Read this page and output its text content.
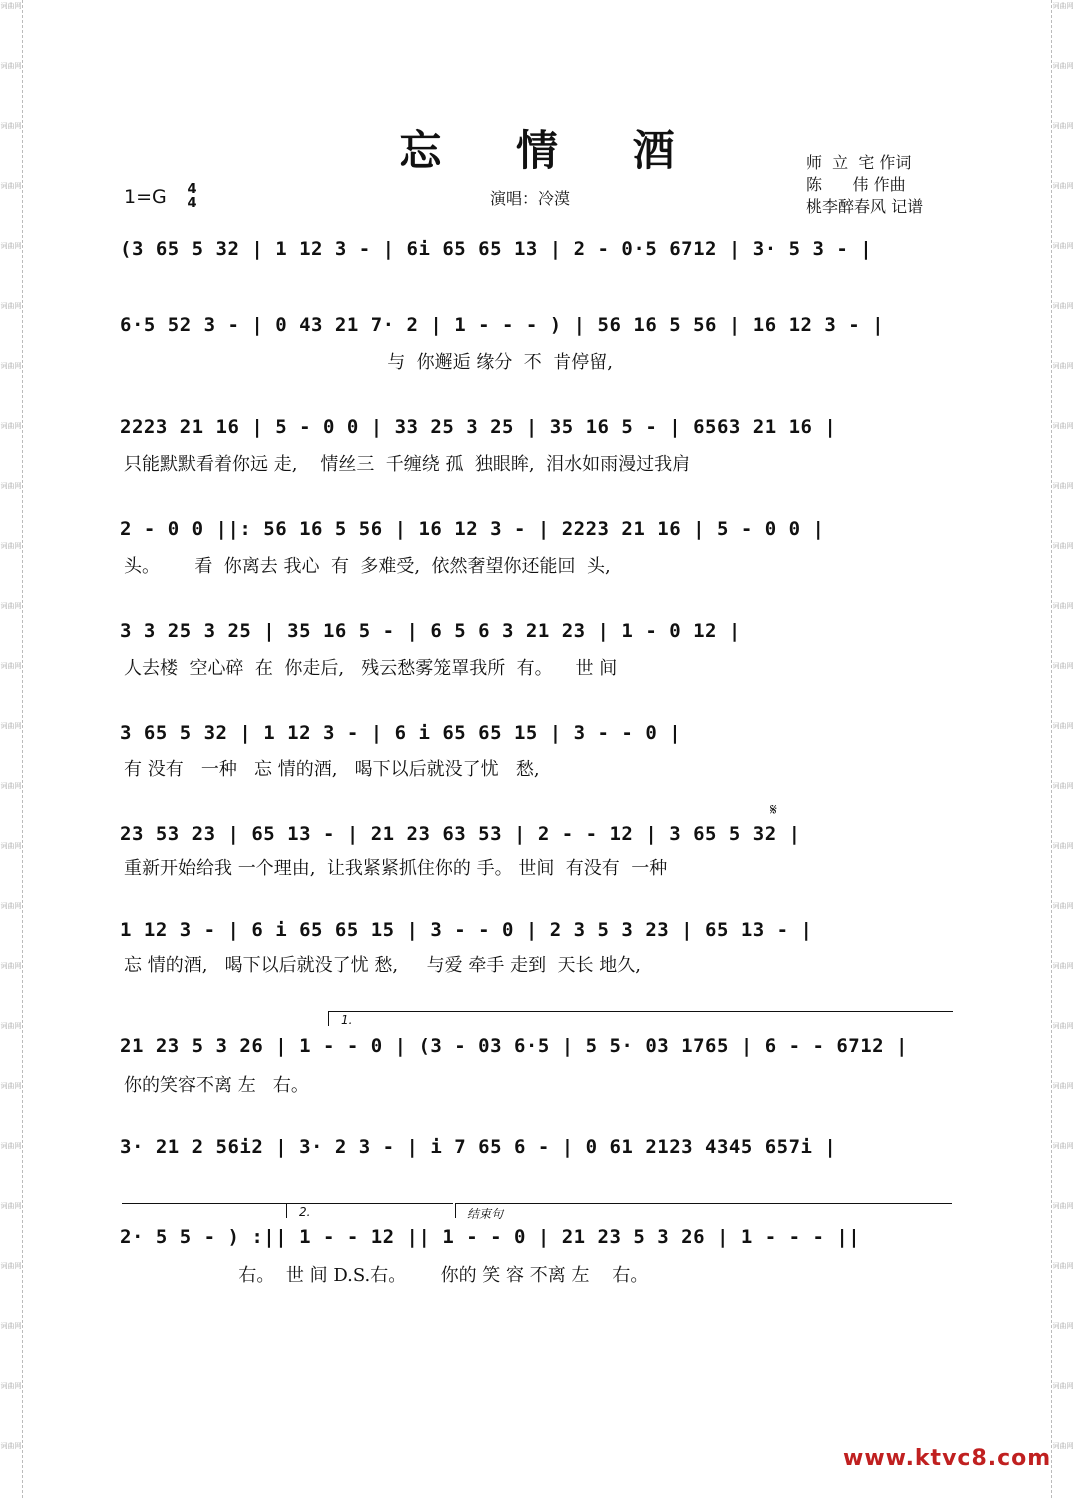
词曲网
词曲网
词曲网
词曲网
词曲网
词曲网
词曲网
词曲网
词曲网
词曲网
词曲网
词曲网
词曲网
词曲网
词曲网
词曲网
词曲网
词曲网
词曲网
词曲网
词曲网
词曲网
词曲网
词曲网
词曲网
词曲网
词曲网
词曲网
词曲网
词曲网
词曲网
词曲网
词曲网
词曲网
词曲网
词曲网
词曲网
词曲网
词曲网
词曲网
词曲网
词曲网
词曲网
词曲网
词曲网
词曲网
词曲网
词曲网
词曲网
词曲网
忘 情 酒
1=G 4
4	演唱：冷漠
师  立  宅 作词
陈      伟 作曲
桃李醉春风 记谱
(3 65 5 32 | 1 12 3 - | 6i 65 65 13 | 2 - 0·5 6712 | 3· 5 3 - |
6·5 52 3 - | 0 43 21 7· 2 | 1 - - - ) | 56 16 5 56 | 16 12 3 - |
与  你邂逅 缘分  不  肯停留,
2223 21 16 | 5 - 0 0 | 33 25 3 25 | 35 16 5 - | 6563 21 16 |
只能默默看着你远 走,    情丝三  千缠绕 孤  独眼眸,  泪水如雨漫过我肩
2 - 0 0 ||: 56 16 5 56 | 16 12 3 - | 2223 21 16 | 5 - 0 0 |
头。      看  你离去 我心  有  多难受,  依然奢望你还能回  头,
3 3 25 3 25 | 35 16 5 - | 6 5 6 3 21 23 | 1 - 0 12 |
人去楼  空心碎  在  你走后,   残云愁雾笼罩我所  有。    世 间
3 65 5 32 | 1 12 3 - | 6 i 65 65 15 | 3 - - 0 |
有 没有   一种   忘 情的酒,   喝下以后就没了忧   愁,
𝄋
23 53 23 | 65 13 - | 21 23 63 53 | 2 - - 12 | 3 65 5 32 |
重新开始给我 一个理由,  让我紧紧抓住你的 手。 世间  有没有  一种
1 12 3 - | 6 i 65 65 15 | 3 - - 0 | 2 3 5 3 23 | 65 13 - |
忘 情的酒,   喝下以后就没了忧 愁,     与爱 牵手 走到  天长 地久,
1.
21 23 5 3 26 | 1 - - 0 | (3 - 03 6·5 | 5 5· 03 1765 | 6 - - 6712 |
你的笑容不离 左   右。
3· 21 2 56i2 | 3· 2 3 - | i 7 65 6 - | 0 61 2123 4345 657i |
2.	结束句
2· 5 5 - ) :|| 1 - - 12 || 1 - - 0 | 21 23 5 3 26 | 1 - - - ||
右。  世 间 D.S.右。      你的 笑 容 不离 左    右。
www.ktvc8.com
